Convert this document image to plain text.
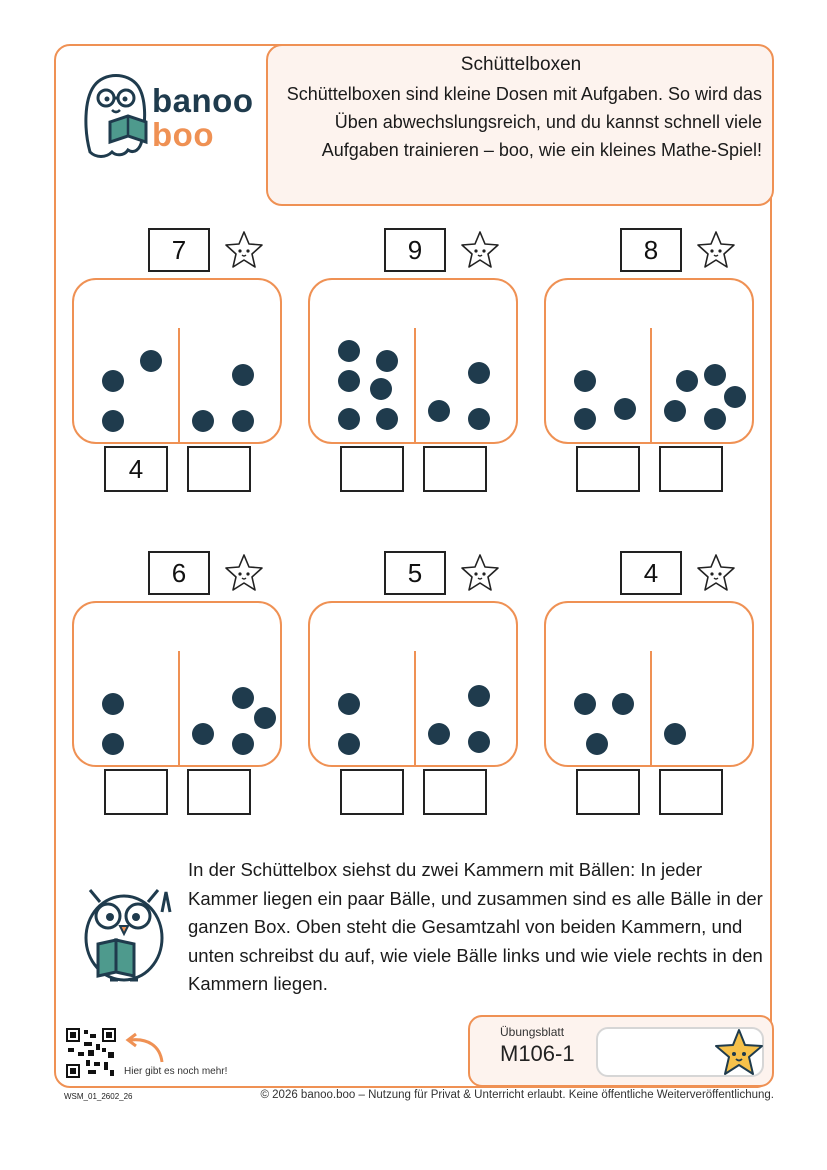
banoo
boo
Schüttelboxen

Schüttelboxen sind kleine Dosen mit Aufgaben. So wird das Üben abwechslungsreich, und du kannst schnell viele Aufgaben trainieren – boo, wie ein kleines Mathe-Spiel!

7
4
9	8
6	5	4
In der Schüttelbox siehst du zwei Kammern mit Bällen: In jeder Kammer liegen ein paar Bälle, und zusammen sind es alle Bälle in der ganzen Box. Oben steht die Gesamtzahl von beiden Kammern, und unten schreibst du auf, wie viele Bälle links und wie viele rechts in den Kammern liegen.
Hier gibt es noch mehr!
Übungsblatt
M106-1
WSM_01_2602_26	© 2026 banoo.boo – Nutzung für Privat & Unterricht erlaubt. Keine öffentliche Weiterveröffentlichung.
